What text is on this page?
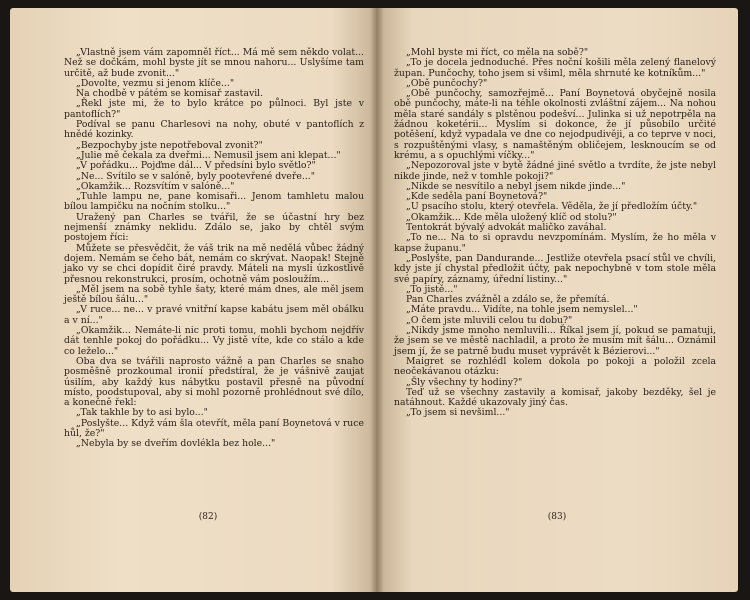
„Vlastně jsem vám zapomněl říct... Má mě sem někdo volat... Než se dočkám, mohl byste jít se mnou nahoru... Uslyšíme tam určitě, až bude zvonit..."

„Dovolte, vezmu si jenom klíče..."

Na chodbě v pátém se komisař zastavil.

„Řekl jste mi, že to bylo krátce po půlnoci. Byl jste v pantoflích?"

Podíval se panu Charlesovi na nohy, obuté v pantoflích z hnědé kozinky.

„Bezpochyby jste nepotřeboval zvonit?"

„Julie mě čekala za dveřmi... Nemusil jsem ani klepat..."

„V pořádku... Pojďme dál... V předsíni bylo světlo?"

„Ne... Svítilo se v salóně, byly pootevřené dveře..."

„Okamžik... Rozsvítím v salóně..."

„Tuhle lampu ne, pane komisaři... Jenom tamhletu malou bílou lampičku na nočním stolku..."

Uražený pan Charles se tvářil, že se účastní hry bez nejmenší známky neklidu. Zdálo se, jako by chtěl svým postojem říci:

Můžete se přesvědčit, že váš trik na mě nedělá vůbec žádný dojem. Nemám se čeho bát, nemám co skrývat. Naopak! Stejně jako vy se chci dopídit čiré pravdy. Máteli na mysli úzkostlivě přesnou rekonstrukci, prosím, ochotně vám posloužím...

„Měl jsem na sobě tyhle šaty, které mám dnes, ale měl jsem ještě bílou šálu..."

„V ruce... ne... v pravé vnitřní kapse kabátu jsem měl obálku a v ní..."

„Okamžik... Nemáte-li nic proti tomu, mohli bychom nejdřív dát tenhle pokoj do pořádku... Vy jistě víte, kde co stálo a kde co leželo..."

Oba dva se tvářili naprosto vážně a pan Charles se snaho posměšně prozkoumal ironií předstíral, že je vášnivě zaujat úsilím, aby každý kus nábytku postavil přesně na původní místo, poodstupoval, aby si mohl pozorně prohlédnout své dílo, a konečně řekl:

„Tak takhle by to asi bylo..."

„Poslyšte... Když vám šla otevřít, měla paní Boynetová v ruce hůl, že?"

„Nebyla by se dveřím dovlékla bez hole..."

(82)

„Mohl byste mi říct, co měla na sobě?"

„To je docela jednoduché. Přes noční košili měla zelený flanelový župan. Punčochy, toho jsem si všiml, měla shrnuté ke kotníkům..."

„Obě punčochy?"

„Obě punčochy, samozřejmě... Paní Boynetová obyčejně nosila obě punčochy, máte-li na téhle okolnosti zvláštní zájem... Na nohou měla staré sandály s plstěnou podešví... Julinka si už nepotrpěla na žádnou koketérii... Myslím si dokonce, že jí působilo určité potěšení, když vypadala ve dne co nejodpudivěji, a co teprve v noci, s rozpuštěnými vlasy, s namaštěným obličejem, lesknoucím se od krému, a s opuchlými víčky..."

„Nepozoroval jste v bytě žádné jiné světlo a tvrdíte, že jste nebyl nikde jinde, než v tomhle pokoji?"

„Nikde se nesvítilo a nebyl jsem nikde jinde..."

„Kde seděla paní Boynetová?"

„U psacího stolu, který otevřela. Věděla, že jí předložím účty."

„Okamžik... Kde měla uložený klíč od stolu?"

Tentokrát bývalý advokát maličko zaváhal.

„To ne... Na to si opravdu nevzpomínám. Myslím, že ho měla v kapse županu."

„Poslyšte, pan Dandurande... Jestliže otevřela psací stůl ve chvíli, kdy jste jí chystal předložit účty, pak nepochybně v tom stole měla své papíry, záznamy, úřední listiny..."

„To jistě..."

Pan Charles zvážněl a zdálo se, že přemítá.

„Máte pravdu... Vidíte, na tohle jsem nemyslel..."

„O čem jste mluvili celou tu dobu?"

„Nikdy jsme mnoho nemluvili... Říkal jsem jí, pokud se pamatuji, že jsem se ve městě nachladil, a proto že musím mít šálu... Oznámil jsem jí, že se patrně budu muset vyprávět k Bézierovi..."

Maigret se rozhlédl kolem dokola po pokoji a položil zcela neočekávanou otázku:

„Šly všechny ty hodiny?"

Teď už se všechny zastavily a komisař, jakoby bezděky, šel je natáhnout. Každé ukazovaly jiný čas.

„To jsem si nevšiml..."

(83)
